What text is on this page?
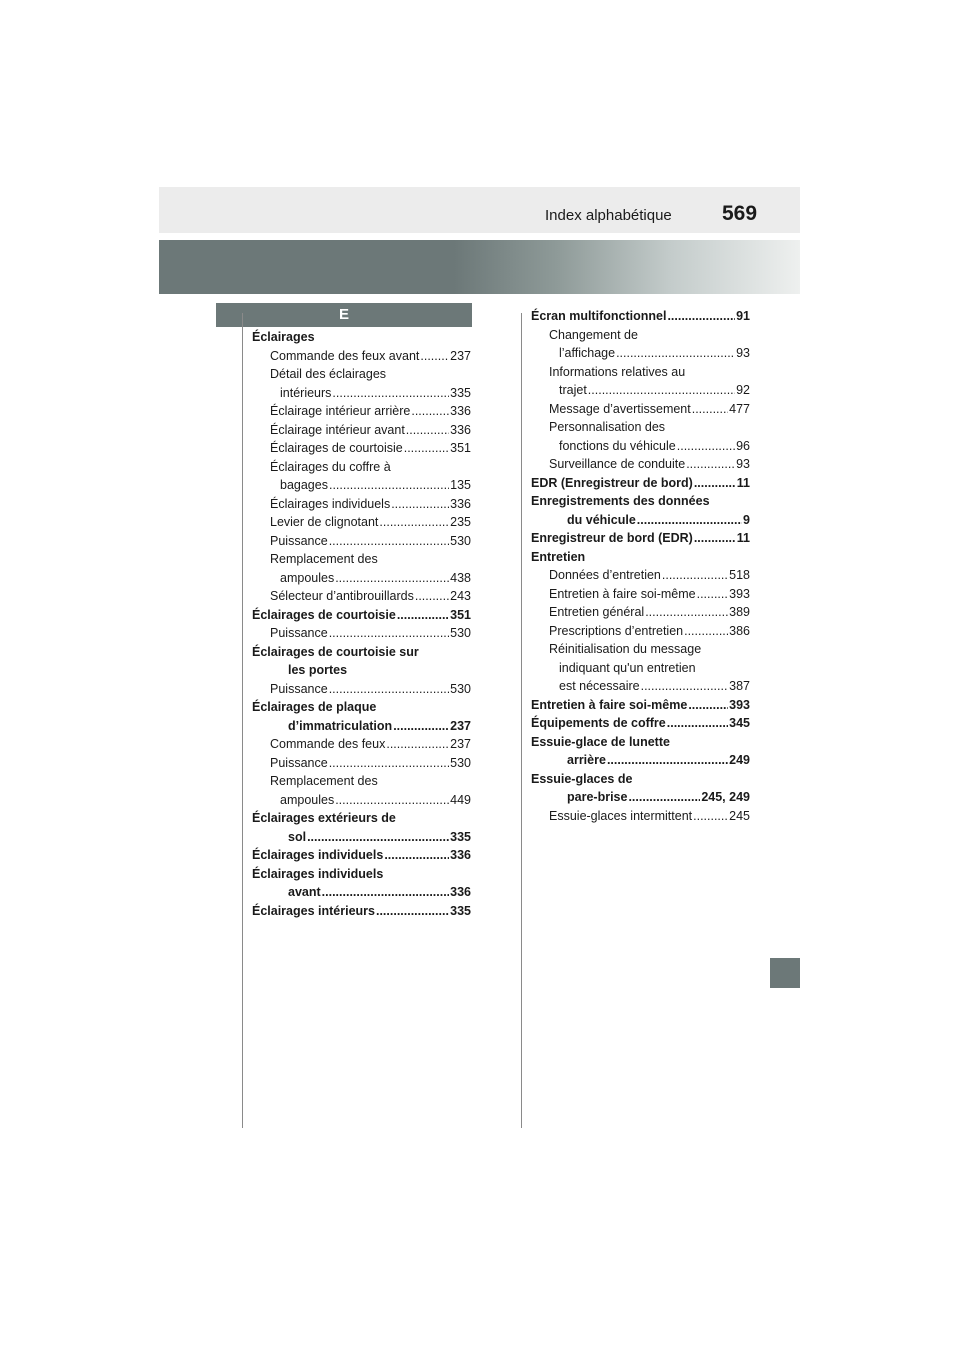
Index alphabétique 569
E
Éclairages
Commande des feux avant ..... 237
Détail des éclairages
intérieurs .....	335
Éclairage intérieur arrière .....	336
Éclairage intérieur avant .....	336
Éclairages de courtoisie .....	351
Éclairages du coffre à
bagages .....	135
Éclairages individuels .....	336
Levier de clignotant .....	235
Puissance .....	530
Remplacement des
ampoules .....	438
Sélecteur d’antibrouillards .....	243
Éclairages de courtoisie .....	351
Puissance .....	530
Éclairages de courtoisie sur
les portes
Puissance .....	530
Éclairages de plaque
d’immatriculation .....	237
Commande des feux .....	237
Puissance .....	530
Remplacement des
ampoules .....	449
Éclairages extérieurs de
sol .....	335
Éclairages individuels .....	336
Éclairages individuels
avant .....	336
Éclairages intérieurs .....	335
Écran multifonctionnel .....	91
Changement de
l’affichage .....	93
Informations relatives au
trajet .....	92
Message d’avertissement .....	477
Personnalisation des
fonctions du véhicule .....	96
Surveillance de conduite .....	93
EDR (Enregistreur de bord) .....	11
Enregistrements des données
du véhicule .....	9
Enregistreur de bord (EDR) .....	11
Entretien
Données d’entretien .....	518
Entretien à faire soi-même .....	393
Entretien général .....	389
Prescriptions d’entretien .....	386
Réinitialisation du message
indiquant qu'un entretien
est nécessaire .....	387
Entretien à faire soi-même .....	393
Équipements de coffre .....	345
Essuie-glace de lunette
arrière .....	249
Essuie-glaces de
pare-brise .....	245, 249
Essuie-glaces intermittent .....	245
